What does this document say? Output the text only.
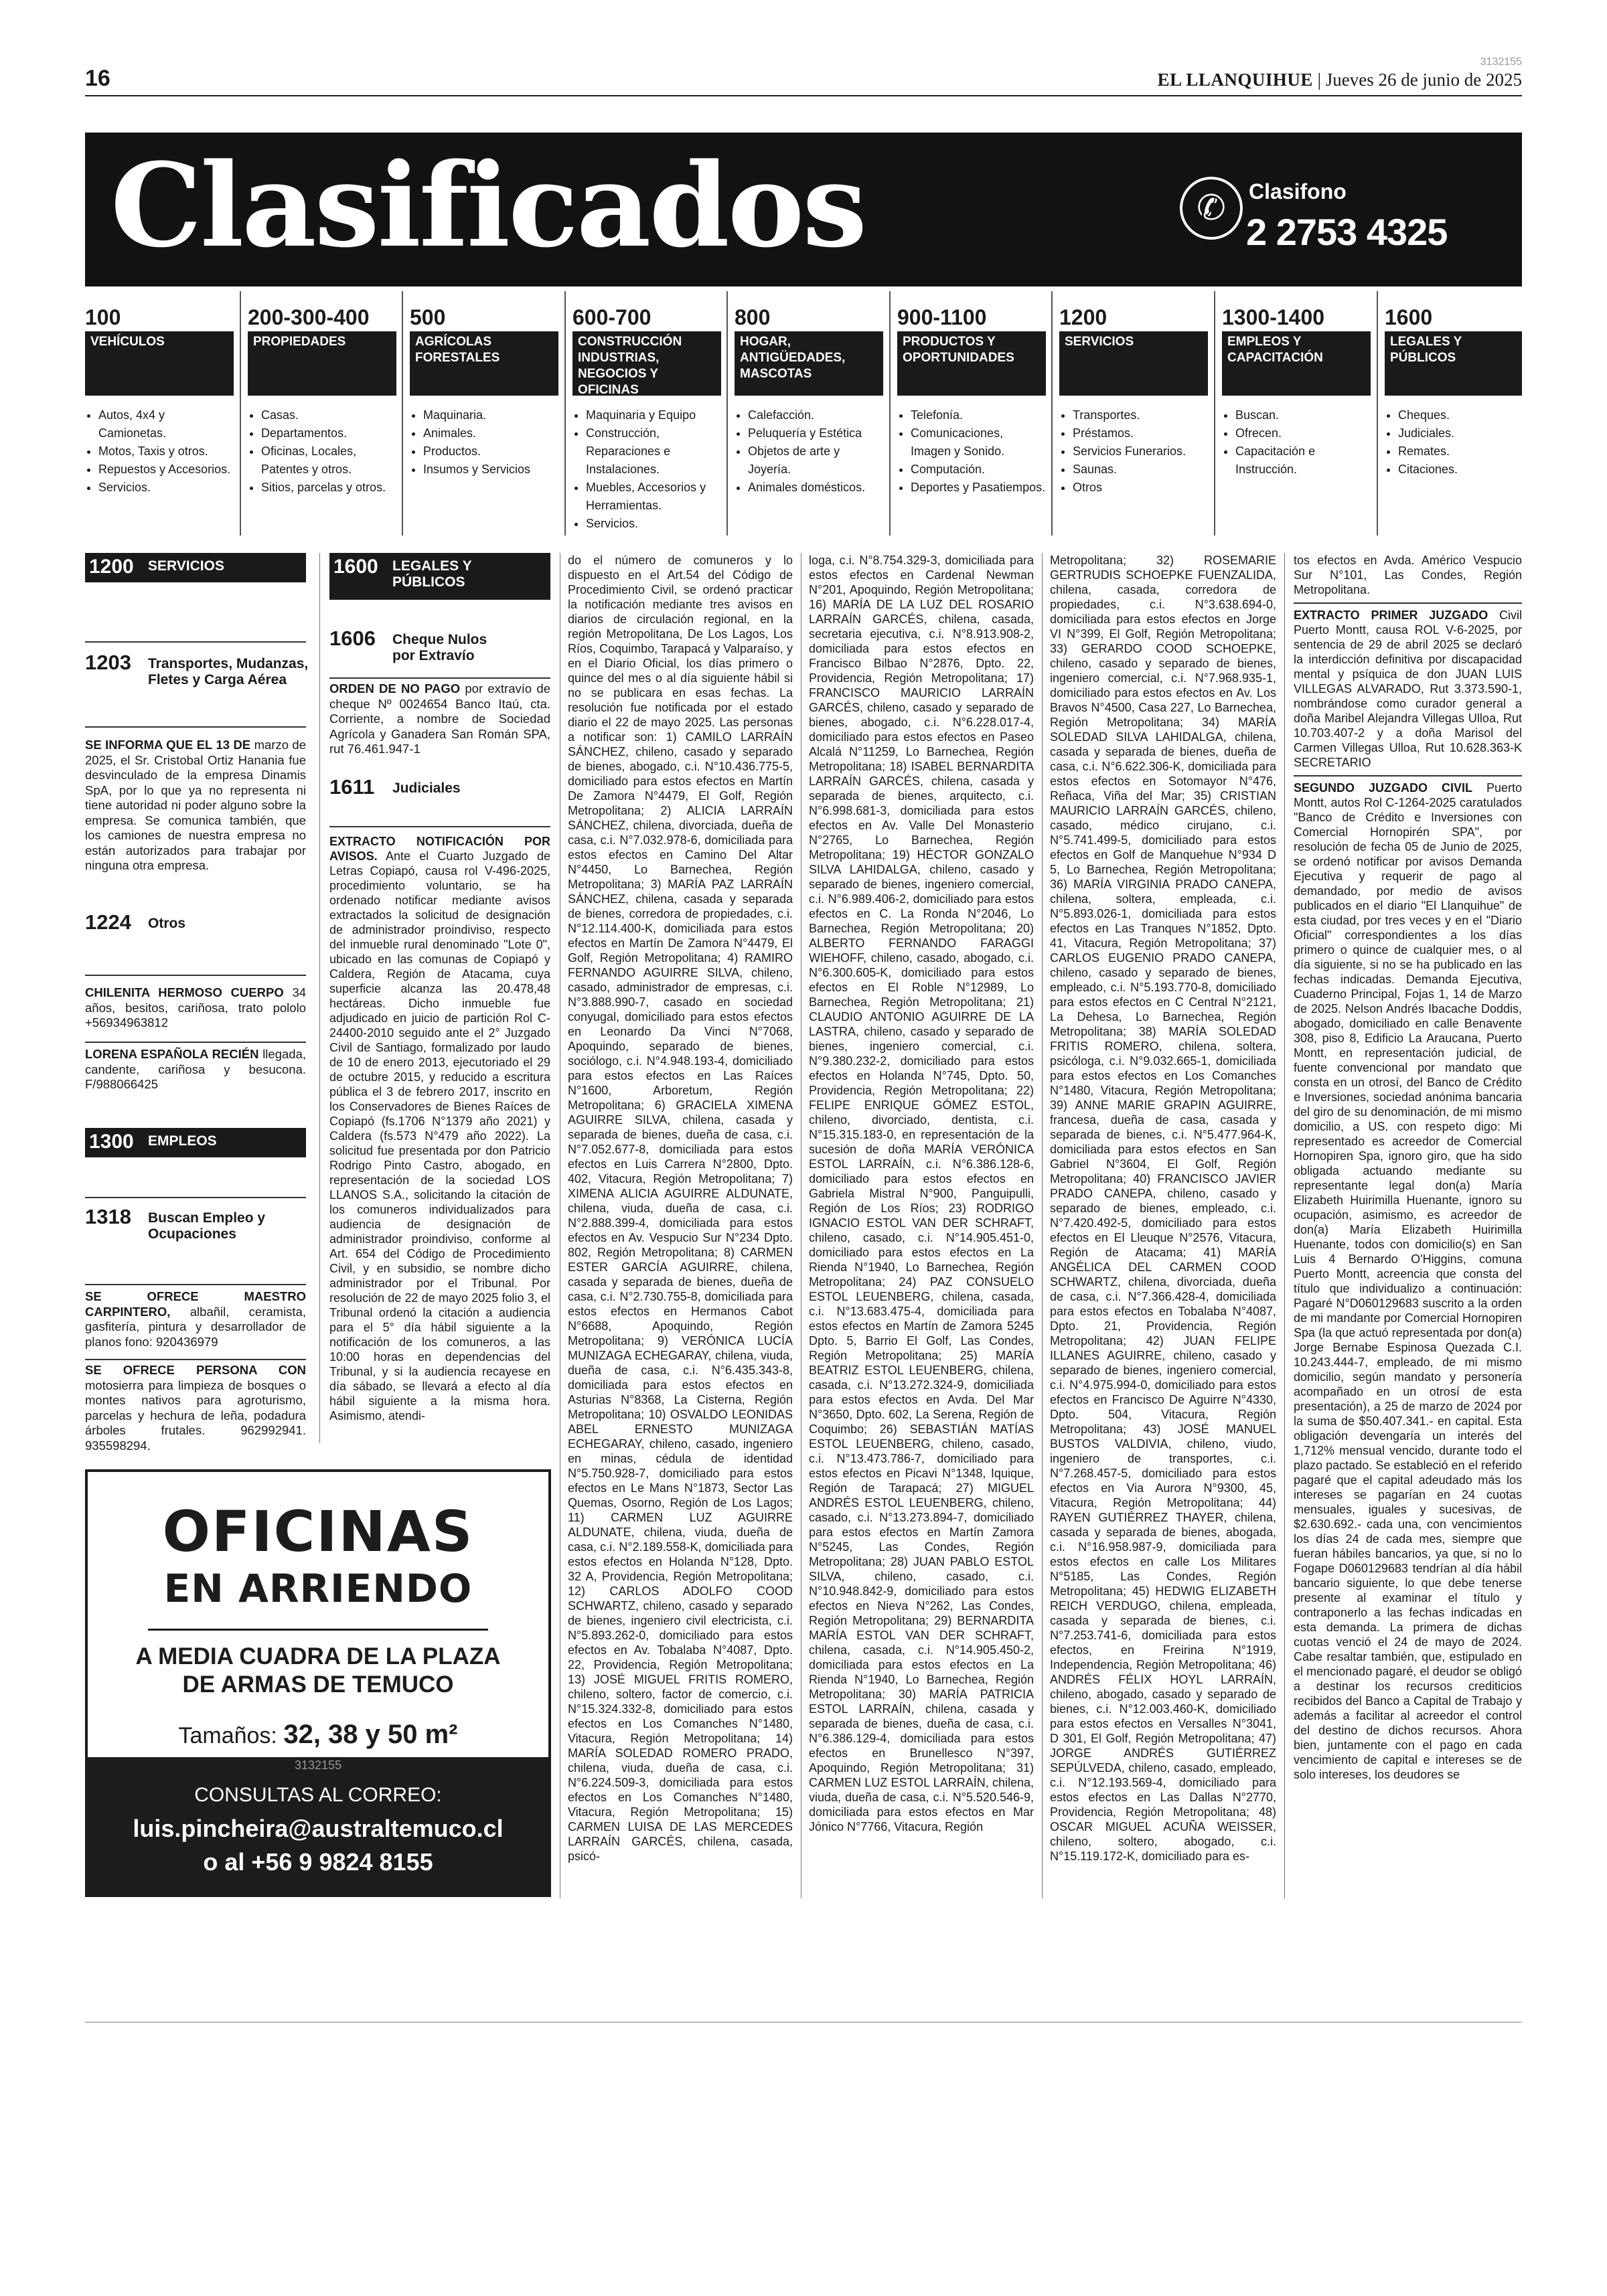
16
3132155
EL LLANQUIHUE | Jueves 26 de junio de 2025
Clasificados	✆	Clasifono
2 2753 4325
100
VEHÍCULOS
• Autos, 4x4 y Camionetas.
• Motos, Taxis y otros.
• Repuestos y Accesorios.
• Servicios.
200-300-400
PROPIEDADES
• Casas.
• Departamentos.
• Oficinas, Locales, Patentes y otros.
• Sitios, parcelas y otros.
500
AGRÍCOLAS FORESTALES
• Maquinaria.
• Animales.
• Productos.
• Insumos y Servicios
600-700
CONSTRUCCIÓN INDUSTRIAS, NEGOCIOS Y OFICINAS
• Maquinaria y Equipo
• Construcción, Reparaciones e Instalaciones.
• Muebles, Accesorios y Herramientas.
• Servicios.
800
HOGAR, ANTIGÜEDADES, MASCOTAS
• Calefacción.
• Peluquería y Estética
• Objetos de arte y Joyería.
• Animales domésticos.
900-1100
PRODUCTOS Y OPORTUNIDADES
• Telefonía.
• Comunicaciones, Imagen y Sonido.
• Computación.
• Deportes y Pasatiempos.
1200
SERVICIOS
• Transportes.
• Préstamos.
• Servicios Funerarios.
• Saunas.
• Otros
1300-1400
EMPLEOS Y CAPACITACIÓN
• Buscan.
• Ofrecen.
• Capacitación e Instrucción.
1600
LEGALES Y PÚBLICOS
• Cheques.
• Judiciales.
• Remates.
• Citaciones.
1200 SERVICIOS
1203 Transportes, Mudanzas, Fletes y Carga Aérea
SE INFORMA QUE EL 13 DE marzo de 2025, el Sr. Cristobal Ortiz Hanania fue desvinculado de la empresa Dinamis SpA, por lo que ya no representa ni tiene autoridad ni poder alguno sobre la empresa. Se comunica también, que los camiones de nuestra empresa no están autorizados para trabajar por ninguna otra empresa.
1224 Otros
CHILENITA HERMOSO CUERPO 34 años, besitos, cariñosa, trato pololo +56934963812
LORENA ESPAÑOLA RECIÉN llegada, candente, cariñosa y besucona. F/988066425
1300 EMPLEOS
1318 Buscan Empleo y Ocupaciones
SE OFRECE MAESTRO CARPINTERO, albañil, ceramista, gasfitería, pintura y desarrollador de planos fono: 920436979
SE OFRECE PERSONA CON motosierra para limpieza de bosques o montes nativos para agroturismo, parcelas y hechura de leña, podadura árboles frutales. 962992941. 935598294.
1600 LEGALES Y PÚBLICOS
1606 Cheque Nulos por Extravío
ORDEN DE NO PAGO por extravío de cheque Nº 0024654 Banco Itaú, cta. Corriente, a nombre de Sociedad Agrícola y Ganadera San Román SPA, rut 76.461.947-1
1611 Judiciales
EXTRACTO NOTIFICACIÓN POR AVISOS. Ante el Cuarto Juzgado de Letras Copiapó, causa rol V-496-2025, procedimiento voluntario, se ha ordenado notificar mediante avisos extractados la solicitud de designación de administrador proindiviso, respecto del inmueble rural denominado "Lote 0", ubicado en las comunas de Copiapó y Caldera, Región de Atacama, cuya superficie alcanza las 20.478,48 hectáreas. Dicho inmueble fue adjudicado en juicio de partición Rol C-24400-2010 seguido ante el 2° Juzgado Civil de Santiago, formalizado por laudo de 10 de enero 2013, ejecutoriado el 29 de octubre 2015, y reducido a escritura pública el 3 de febrero 2017, inscrito en los Conservadores de Bienes Raíces de Copiapó (fs.1706 N°1379 año 2021) y Caldera (fs.573 N°479 año 2022). La solicitud fue presentada por don Patricio Rodrigo Pinto Castro, abogado, en representación de la sociedad LOS LLANOS S.A., solicitando la citación de los comuneros individualizados para audiencia de designación de administrador proindiviso, conforme al Art. 654 del Código de Procedimiento Civil, y en subsidio, se nombre dicho administrador por el Tribunal. Por resolución de 22 de mayo 2025 folio 3, el Tribunal ordenó la citación a audiencia para el 5° día hábil siguiente a la notificación de los comuneros, a las 10:00 horas en dependencias del Tribunal, y si la audiencia recayese en día sábado, se llevará a efecto al día hábil siguiente a la misma hora. Asimismo, atendi-
do el número de comuneros y lo dispuesto en el Art.54 del Código de Procedimiento Civil, se ordenó practicar la notificación mediante tres avisos en diarios de circulación regional, en la región Metropolitana, De Los Lagos, Los Ríos, Coquimbo, Tarapacá y Valparaíso, y en el Diario Oficial, los días primero o quince del mes o al día siguiente hábil si no se publicara en esas fechas. La resolución fue notificada por el estado diario el 22 de mayo 2025. Las personas a notificar son: 1) CAMILO LARRAÍN SÁNCHEZ, chileno, casado y separado de bienes, abogado, c.i. N°10.436.775-5, domiciliado para estos efectos en Martín De Zamora N°4479, El Golf, Región Metropolitana; 2) ALICIA LARRAÍN SÁNCHEZ, chilena, divorciada, dueña de casa, c.i. N°7.032.978-6, domiciliada para estos efectos en Camino Del Altar N°4450, Lo Barnechea, Región Metropolitana; 3) MARÍA PAZ LARRAÍN SÁNCHEZ, chilena, casada y separada de bienes, corredora de propiedades, c.i. N°12.114.400-K, domiciliada para estos efectos en Martín De Zamora N°4479, El Golf, Región Metropolitana; 4) RAMIRO FERNANDO AGUIRRE SILVA, chileno, casado, administrador de empresas, c.i. N°3.888.990-7, casado en sociedad conyugal, domiciliado para estos efectos en Leonardo Da Vinci N°7068, Apoquindo, separado de bienes, sociólogo, c.i. N°4.948.193-4, domiciliado para estos efectos en Las Raíces N°1600, Arboretum, Región Metropolitana; 6) GRACIELA XIMENA AGUIRRE SILVA, chilena, casada y separada de bienes, dueña de casa, c.i. N°7.052.677-8, domiciliada para estos efectos en Luis Carrera N°2800, Dpto. 402, Vitacura, Región Metropolitana; 7) XIMENA ALICIA AGUIRRE ALDUNATE, chilena, viuda, dueña de casa, c.i. N°2.888.399-4, domiciliada para estos efectos en Av. Vespucio Sur N°234 Dpto. 802, Región Metropolitana; 8) CARMEN ESTER GARCÍA AGUIRRE, chilena, casada y separada de bienes, dueña de casa, c.i. N°2.730.755-8, domiciliada para estos efectos en Hermanos Cabot N°6688, Apoquindo, Región Metropolitana; 9) VERÓNICA LUCÍA MUNIZAGA ECHEGARAY, chilena, viuda, dueña de casa, c.i. N°6.435.343-8, domiciliada para estos efectos en Asturias N°8368, La Cisterna, Región Metropolitana; 10) OSVALDO LEONIDAS ABEL ERNESTO MUNIZAGA ECHEGARAY, chileno, casado, ingeniero en minas, cédula de identidad N°5.750.928-7, domiciliado para estos efectos en Le Mans N°1873, Sector Las Quemas, Osorno, Región de Los Lagos; 11) CARMEN LUZ AGUIRRE ALDUNATE, chilena, viuda, dueña de casa, c.i. N°2.189.558-K, domiciliada para estos efectos en Holanda N°128, Dpto. 32 A, Providencia, Región Metropolitana; 12) CARLOS ADOLFO COOD SCHWARTZ, chileno, casado y separado de bienes, ingeniero civil electricista, c.i. N°5.893.262-0, domiciliado para estos efectos en Av. Tobalaba N°4087, Dpto. 22, Providencia, Región Metropolitana; 13) JOSÉ MIGUEL FRITIS ROMERO, chileno, soltero, factor de comercio, c.i. N°15.324.332-8, domiciliado para estos efectos en Los Comanches N°1480, Vitacura, Región Metropolitana; 14) MARÍA SOLEDAD ROMERO PRADO, chilena, viuda, dueña de casa, c.i. N°6.224.509-3, domiciliada para estos efectos en Los Comanches N°1480, Vitacura, Región Metropolitana; 15) CARMEN LUISA DE LAS MERCEDES LARRAÍN GARCÉS, chilena, casada, psicó-
loga, c.i. N°8.754.329-3, domiciliada para estos efectos en Cardenal Newman N°201, Apoquindo, Región Metropolitana; 16) MARÍA DE LA LUZ DEL ROSARIO LARRAÍN GARCÉS, chilena, casada, secretaria ejecutiva, c.i. N°8.913.908-2, domiciliada para estos efectos en Francisco Bilbao N°2876, Dpto. 22, Providencia, Región Metropolitana; 17) FRANCISCO MAURICIO LARRAÍN GARCÉS, chileno, casado y separado de bienes, abogado, c.i. N°6.228.017-4, domiciliado para estos efectos en Paseo Alcalá N°11259, Lo Barnechea, Región Metropolitana; 18) ISABEL BERNARDITA LARRAÍN GARCÉS, chilena, casada y separada de bienes, arquitecto, c.i. N°6.998.681-3, domiciliada para estos efectos en Av. Valle Del Monasterio N°2765, Lo Barnechea, Región Metropolitana; 19) HÉCTOR GONZALO SILVA LAHIDALGA, chileno, casado y separado de bienes, ingeniero comercial, c.i. N°6.989.406-2, domiciliado para estos efectos en C. La Ronda N°2046, Lo Barnechea, Región Metropolitana; 20) ALBERTO FERNANDO FARAGGI WIEHOFF, chileno, casado, abogado, c.i. N°6.300.605-K, domiciliado para estos efectos en El Roble N°12989, Lo Barnechea, Región Metropolitana; 21) CLAUDIO ANTONIO AGUIRRE DE LA LASTRA, chileno, casado y separado de bienes, ingeniero comercial, c.i. N°9.380.232-2, domiciliado para estos efectos en Holanda N°745, Dpto. 50, Providencia, Región Metropolitana; 22) FELIPE ENRIQUE GÓMEZ ESTOL, chileno, divorciado, dentista, c.i. N°15.315.183-0, en representación de la sucesión de doña MARÍA VERÓNICA ESTOL LARRAÍN, c.i. N°6.386.128-6, domiciliado para estos efectos en Gabriela Mistral N°900, Panguipulli, Región de Los Ríos; 23) RODRIGO IGNACIO ESTOL VAN DER SCHRAFT, chileno, casado, c.i. N°14.905.451-0, domiciliado para estos efectos en La Rienda N°1940, Lo Barnechea, Región Metropolitana; 24) PAZ CONSUELO ESTOL LEUENBERG, chilena, casada, c.i. N°13.683.475-4, domiciliada para estos efectos en Martín de Zamora 5245 Dpto. 5, Barrio El Golf, Las Condes, Región Metropolitana; 25) MARÍA BEATRIZ ESTOL LEUENBERG, chilena, casada, c.i. N°13.272.324-9, domiciliada para estos efectos en Avda. Del Mar N°3650, Dpto. 602, La Serena, Región de Coquimbo; 26) SEBASTIÁN MATÍAS ESTOL LEUENBERG, chileno, casado, c.i. N°13.473.786-7, domiciliado para estos efectos en Picavi N°1348, Iquique, Región de Tarapacá; 27) MIGUEL ANDRÉS ESTOL LEUENBERG, chileno, casado, c.i. N°13.273.894-7, domiciliado para estos efectos en Martín Zamora N°5245, Las Condes, Región Metropolitana; 28) JUAN PABLO ESTOL SILVA, chileno, casado, c.i. N°10.948.842-9, domiciliado para estos efectos en Nieva N°262, Las Condes, Región Metropolitana; 29) BERNARDITA MARÍA ESTOL VAN DER SCHRAFT, chilena, casada, c.i. N°14.905.450-2, domiciliada para estos efectos en La Rienda N°1940, Lo Barnechea, Región Metropolitana; 30) MARÍA PATRICIA ESTOL LARRAÍN, chilena, casada y separada de bienes, dueña de casa, c.i. N°6.386.129-4, domiciliada para estos efectos en Brunellesco N°397, Apoquindo, Región Metropolitana; 31) CARMEN LUZ ESTOL LARRAÍN, chilena, viuda, dueña de casa, c.i. N°5.520.546-9, domiciliada para estos efectos en Mar Jónico N°7766, Vitacura, Región
Metropolitana; 32) ROSEMARIE GERTRUDIS SCHOEPKE FUENZALIDA, chilena, casada, corredora de propiedades, c.i. N°3.638.694-0, domiciliada para estos efectos en Jorge VI N°399, El Golf, Región Metropolitana; 33) GERARDO COOD SCHOEPKE, chileno, casado y separado de bienes, ingeniero comercial, c.i. N°7.968.935-1, domiciliado para estos efectos en Av. Los Bravos N°4500, Casa 227, Lo Barnechea, Región Metropolitana; 34) MARÍA SOLEDAD SILVA LAHIDALGA, chilena, casada y separada de bienes, dueña de casa, c.i. N°6.622.306-K, domiciliada para estos efectos en Sotomayor N°476, Reñaca, Viña del Mar; 35) CRISTIAN MAURICIO LARRAÍN GARCÉS, chileno, casado, médico cirujano, c.i. N°5.741.499-5, domiciliado para estos efectos en Golf de Manquehue N°934 D 5, Lo Barnechea, Región Metropolitana; 36) MARÍA VIRGINIA PRADO CANEPA, chilena, soltera, empleada, c.i. N°5.893.026-1, domiciliada para estos efectos en Las Tranques N°1852, Dpto. 41, Vitacura, Región Metropolitana; 37) CARLOS EUGENIO PRADO CANEPA, chileno, casado y separado de bienes, empleado, c.i. N°5.193.770-8, domiciliado para estos efectos en C Central N°2121, La Dehesa, Lo Barnechea, Región Metropolitana; 38) MARÍA SOLEDAD FRITIS ROMERO, chilena, soltera, psicóloga, c.i. N°9.032.665-1, domiciliada para estos efectos en Los Comanches N°1480, Vitacura, Región Metropolitana; 39) ANNE MARIE GRAPIN AGUIRRE, francesa, dueña de casa, casada y separada de bienes, c.i. N°5.477.964-K, domiciliada para estos efectos en San Gabriel N°3604, El Golf, Región Metropolitana; 40) FRANCISCO JAVIER PRADO CANEPA, chileno, casado y separado de bienes, empleado, c.i. N°7.420.492-5, domiciliado para estos efectos en El Lleuque N°2576, Vitacura, Región de Atacama; 41) MARÍA ANGÉLICA DEL CARMEN COOD SCHWARTZ, chilena, divorciada, dueña de casa, c.i. N°7.366.428-4, domiciliada para estos efectos en Tobalaba N°4087, Dpto. 21, Providencia, Región Metropolitana; 42) JUAN FELIPE ILLANES AGUIRRE, chileno, casado y separado de bienes, ingeniero comercial, c.i. N°4.975.994-0, domiciliado para estos efectos en Francisco De Aguirre N°4330, Dpto. 504, Vitacura, Región Metropolitana; 43) JOSÉ MANUEL BUSTOS VALDIVIA, chileno, viudo, ingeniero de transportes, c.i. N°7.268.457-5, domiciliado para estos efectos en Via Aurora N°9300, 45, Vitacura, Región Metropolitana; 44) RAYEN GUTIÉRREZ THAYER, chilena, casada y separada de bienes, abogada, c.i. N°16.958.987-9, domiciliada para estos efectos en calle Los Militares N°5185, Las Condes, Región Metropolitana; 45) HEDWIG ELIZABETH REICH VERDUGO, chilena, empleada, casada y separada de bienes, c.i. N°7.253.741-6, domiciliada para estos efectos, en Freirina N°1919, Independencia, Región Metropolitana; 46) ANDRÉS FÉLIX HOYL LARRAÍN, chileno, abogado, casado y separado de bienes, c.i. N°12.003.460-K, domiciliado para estos efectos en Versalles N°3041, D 301, El Golf, Región Metropolitana; 47) JORGE ANDRÉS GUTIÉRREZ SEPÚLVEDA, chileno, casado, empleado, c.i. N°12.193.569-4, domiciliado para estos efectos en Las Dallas N°2770, Providencia, Región Metropolitana; 48) OSCAR MIGUEL ACUÑA WEISSER, chileno, soltero, abogado, c.i. N°15.119.172-K, domiciliado para es-
tos efectos en Avda. Américo Vespucio Sur N°101, Las Condes, Región Metropolitana.
EXTRACTO PRIMER JUZGADO Civil Puerto Montt, causa ROL V-6-2025, por sentencia de 29 de abril 2025 se declaró la interdicción definitiva por discapacidad mental y psíquica de don JUAN LUIS VILLEGAS ALVARADO, Rut 3.373.590-1, nombrándose como curador general a doña Maribel Alejandra Villegas Ulloa, Rut 10.703.407-2 y a doña Marisol del Carmen Villegas Ulloa, Rut 10.628.363-K SECRETARIO
SEGUNDO JUZGADO CIVIL Puerto Montt, autos Rol C-1264-2025 caratulados "Banco de Crédito e Inversiones con Comercial Hornopirén SPA", por resolución de fecha 05 de Junio de 2025, se ordenó notificar por avisos Demanda Ejecutiva y requerir de pago al demandado, por medio de avisos publicados en el diario "El Llanquihue" de esta ciudad, por tres veces y en el "Diario Oficial" correspondientes a los días primero o quince de cualquier mes, o al día siguiente, si no se ha publicado en las fechas indicadas. Demanda Ejecutiva, Cuaderno Principal, Fojas 1, 14 de Marzo de 2025. Nelson Andrés Ibacache Doddis, abogado, domiciliado en calle Benavente 308, piso 8, Edificio La Araucana, Puerto Montt, en representación judicial, de fuente convencional por mandato que consta en un otrosí, del Banco de Crédito e Inversiones, sociedad anónima bancaria del giro de su denominación, de mi mismo domicilio, a US. con respeto digo: Mi representado es acreedor de Comercial Hornopiren Spa, ignoro giro, que ha sido obligada actuando mediante su representante legal don(a) María Elizabeth Huirimilla Huenante, ignoro su ocupación, asimismo, es acreedor de don(a) María Elizabeth Huirimilla Huenante, todos con domicilio(s) en San Luis 4 Bernardo O'Higgins, comuna Puerto Montt, acreencia que consta del título que individualizo a continuación: Pagaré N°D060129683 suscrito a la orden de mi mandante por Comercial Hornopiren Spa (la que actuó representada por don(a) Jorge Bernabe Espinosa Quezada C.I. 10.243.444-7, empleado, de mi mismo domicilio, según mandato y personería acompañado en un otrosí de esta presentación), a 25 de marzo de 2024 por la suma de $50.407.341.- en capital. Esta obligación devengaría un interés del 1,712% mensual vencido, durante todo el plazo pactado. Se estableció en el referido pagaré que el capital adeudado más los intereses se pagarían en 24 cuotas mensuales, iguales y sucesivas, de $2.630.692.- cada una, con vencimientos los días 24 de cada mes, siempre que fueran hábiles bancarios, ya que, si no lo Fogape D060129683 tendrían al día hábil bancario siguiente, lo que debe tenerse presente al examinar el título y contraponerlo a las fechas indicadas en esta demanda. La primera de dichas cuotas venció el 24 de mayo de 2024. Cabe resaltar también, que, estipulado en el mencionado pagaré, el deudor se obligó a destinar los recursos crediticios recibidos del Banco a Capital de Trabajo y además a facilitar al acreedor el control del destino de dichos recursos. Ahora bien, juntamente con el pago en cada vencimiento de capital e intereses se de solo intereses, los deudores se
OFICINAS
EN ARRIENDO
A MEDIA CUADRA DE LA PLAZA
DE ARMAS DE TEMUCO
Tamaños: 32, 38 y 50 m²
3132155
CONSULTAS AL CORREO:
luis.pincheira@australtemuco.cl
o al +56 9 9824 8155
